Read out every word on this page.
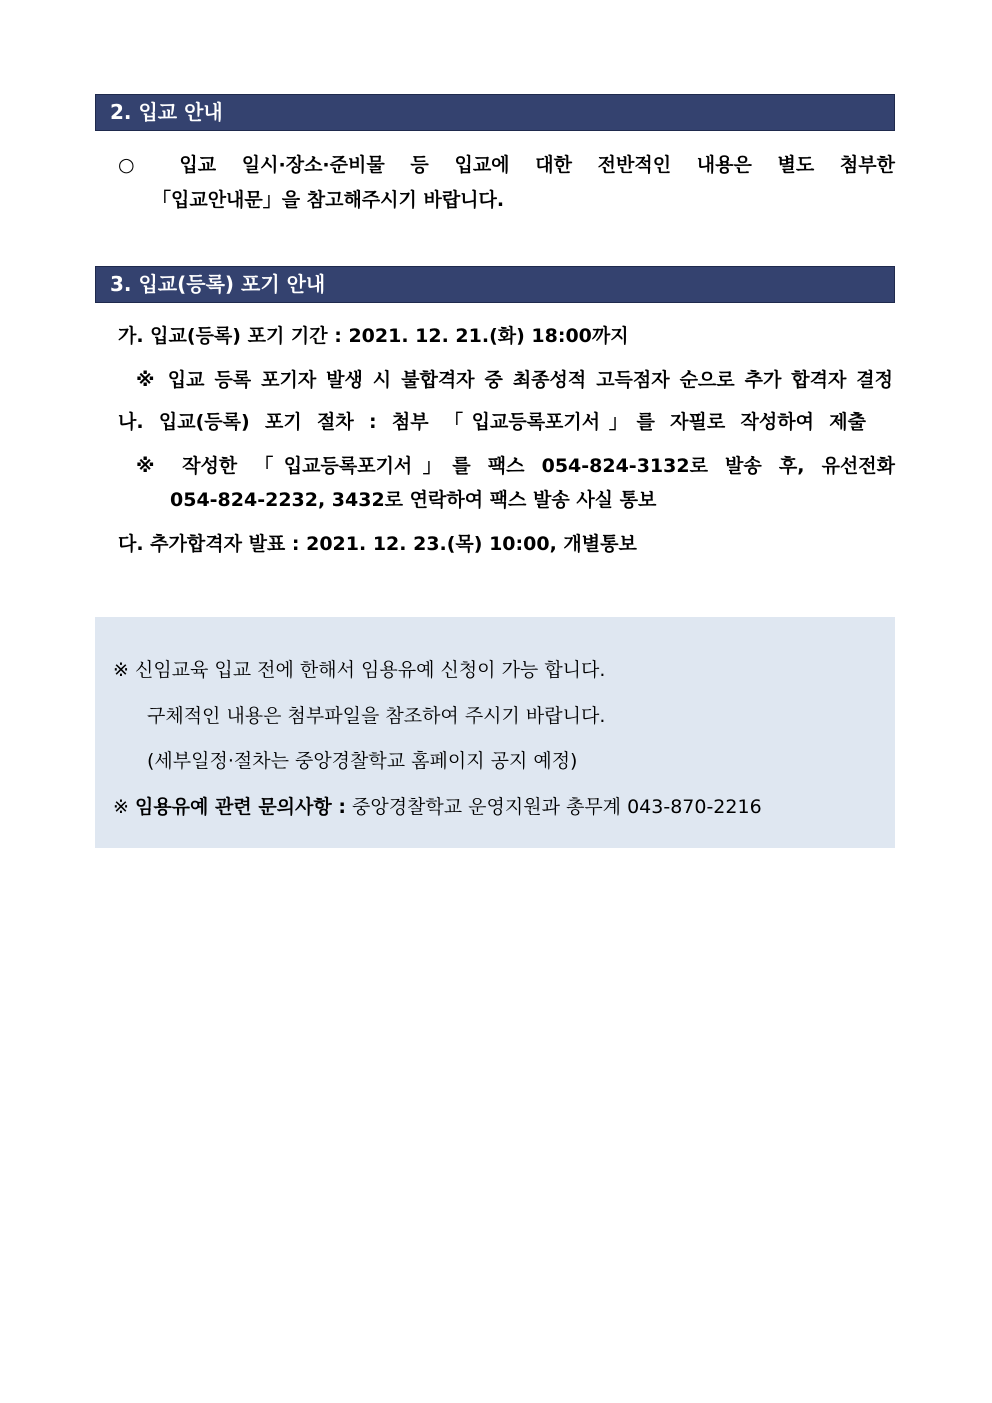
2. 입교 안내
○ 입교 일시·장소·준비물 등 입교에 대한 전반적인 내용은 별도 첨부한
「입교안내문」을 참고해주시기 바랍니다.
3. 입교(등록) 포기 안내
가. 입교(등록) 포기 기간 : 2021. 12. 21.(화) 18:00까지
※ 입교 등록 포기자 발생 시 불합격자 중 최종성적 고득점자 순으로 추가 합격자 결정
나. 입교(등록) 포기 절차 : 첨부 「입교등록포기서」를 자필로 작성하여 제출
※ 작성한 「입교등록포기서」를 팩스 054-824-3132로 발송 후, 유선전화
054-824-2232, 3432로 연락하여 팩스 발송 사실 통보
다. 추가합격자 발표 : 2021. 12. 23.(목) 10:00, 개별통보
※ 신임교육 입교 전에 한해서 임용유예 신청이 가능 합니다.
구체적인 내용은 첨부파일을 참조하여 주시기 바랍니다.
(세부일정·절차는 중앙경찰학교 홈페이지 공지 예정)
※ 임용유예 관련 문의사항 : 중앙경찰학교 운영지원과 총무계 043-870-2216
